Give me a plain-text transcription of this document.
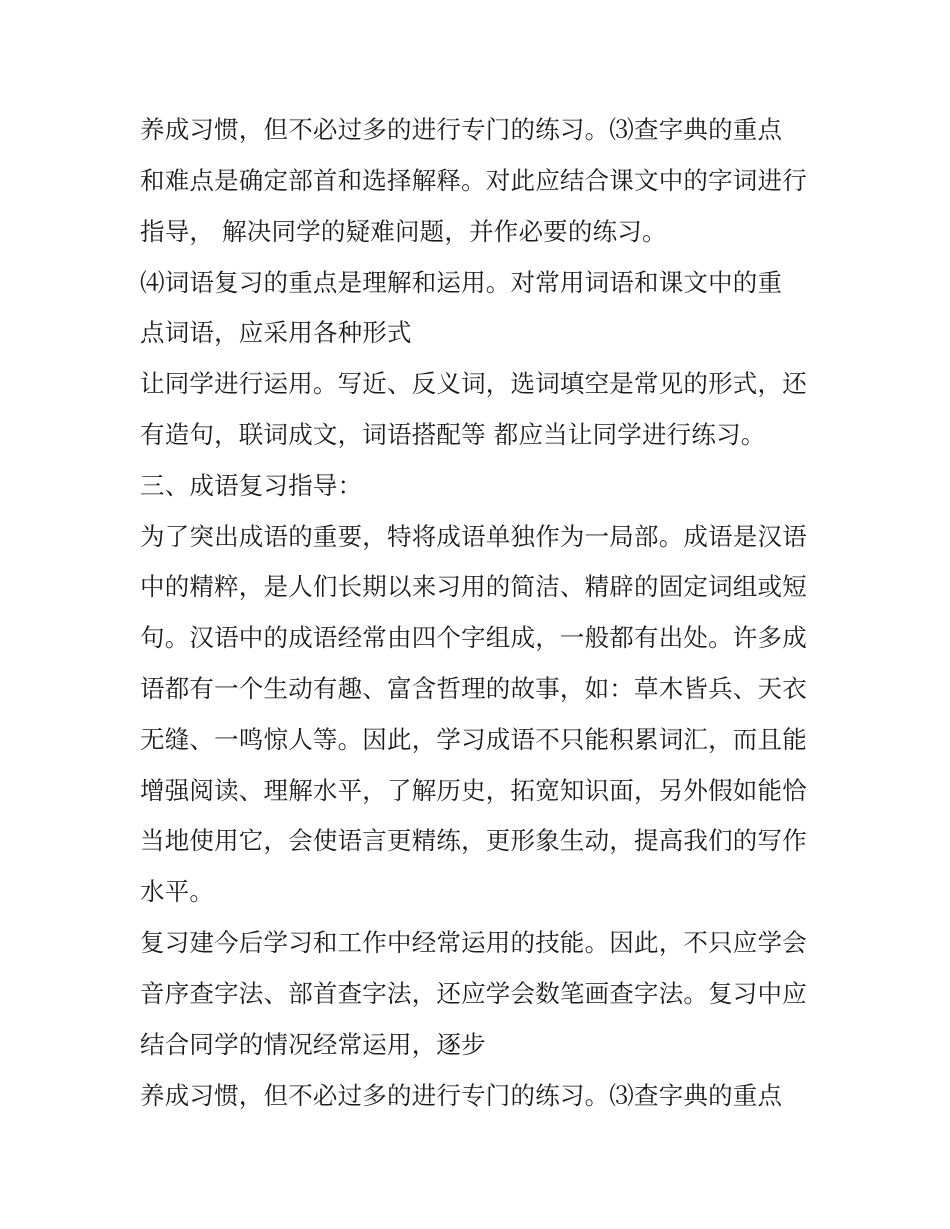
养成习惯，但不必过多的进行专门的练习。⑶查字典的重点
和难点是确定部首和选择解释。对此应结合课文中的字词进行
指导， 解决同学的疑难问题，并作必要的练习。
⑷词语复习的重点是理解和运用。对常用词语和课文中的重
点词语，应采用各种形式
让同学进行运用。写近、反义词，选词填空是常见的形式，还
有造句，联词成文，词语搭配等 都应当让同学进行练习。
三、成语复习指导：
为了突出成语的重要，特将成语单独作为一局部。成语是汉语
中的精粹，是人们长期以来习用的简洁、精辟的固定词组或短
句。汉语中的成语经常由四个字组成，一般都有出处。许多成
语都有一个生动有趣、富含哲理的故事，如：草木皆兵、天衣
无缝、一鸣惊人等。因此，学习成语不只能积累词汇，而且能
增强阅读、理解水平，了解历史，拓宽知识面，另外假如能恰
当地使用它，会使语言更精练，更形象生动，提高我们的写作
水平。
复习建今后学习和工作中经常运用的技能。因此，不只应学会
音序查字法、部首查字法，还应学会数笔画查字法。复习中应
结合同学的情况经常运用，逐步
养成习惯，但不必过多的进行专门的练习。⑶查字典的重点
